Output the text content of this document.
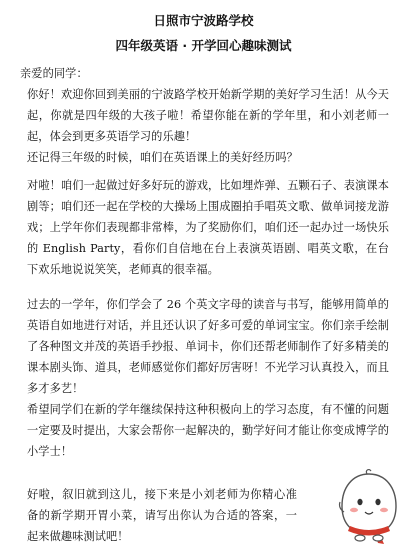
日照市宁波路学校
四年级英语 · 开学回心趣味测试
亲爱的同学：
你好！欢迎你回到美丽的宁波路学校开始新学期的美好学习生活！从今天起，你就是四年级的大孩子啦！希望你能在新的学年里，和小刘老师一起，体会到更多英语学习的乐趣！
还记得三年级的时候，咱们在英语课上的美好经历吗？
对啦！咱们一起做过好多好玩的游戏，比如埋炸弹、五颗石子、表演课本剧等；咱们还一起在学校的大操场上围成圈拍手唱英文歌、做单词接龙游戏；上学年你们表现都非常棒，为了奖励你们，咱们还一起办过一场快乐的 English Party，看你们自信地在台上表演英语剧、唱英文歌，在台下欢乐地说说笑笑，老师真的很幸福。
过去的一学年，你们学会了 26 个英文字母的读音与书写，能够用简单的英语自如地进行对话，并且还认识了好多可爱的单词宝宝。你们亲手绘制了各种图文并茂的英语手抄报、单词卡，你们还帮老师制作了好多精美的课本剧头饰、道具，老师感觉你们都好厉害呀！不光学习认真投入，而且多才多艺！
希望同学们在新的学年继续保持这种积极向上的学习态度，有不懂的问题一定要及时提出，大家会帮你一起解决的，勤学好问才能让你变成博学的小学士！
好啦，叙旧就到这儿，接下来是小刘老师为你精心准备的新学期开胃小菜，请写出你认为合适的答案，一起来做趣味测试吧！
